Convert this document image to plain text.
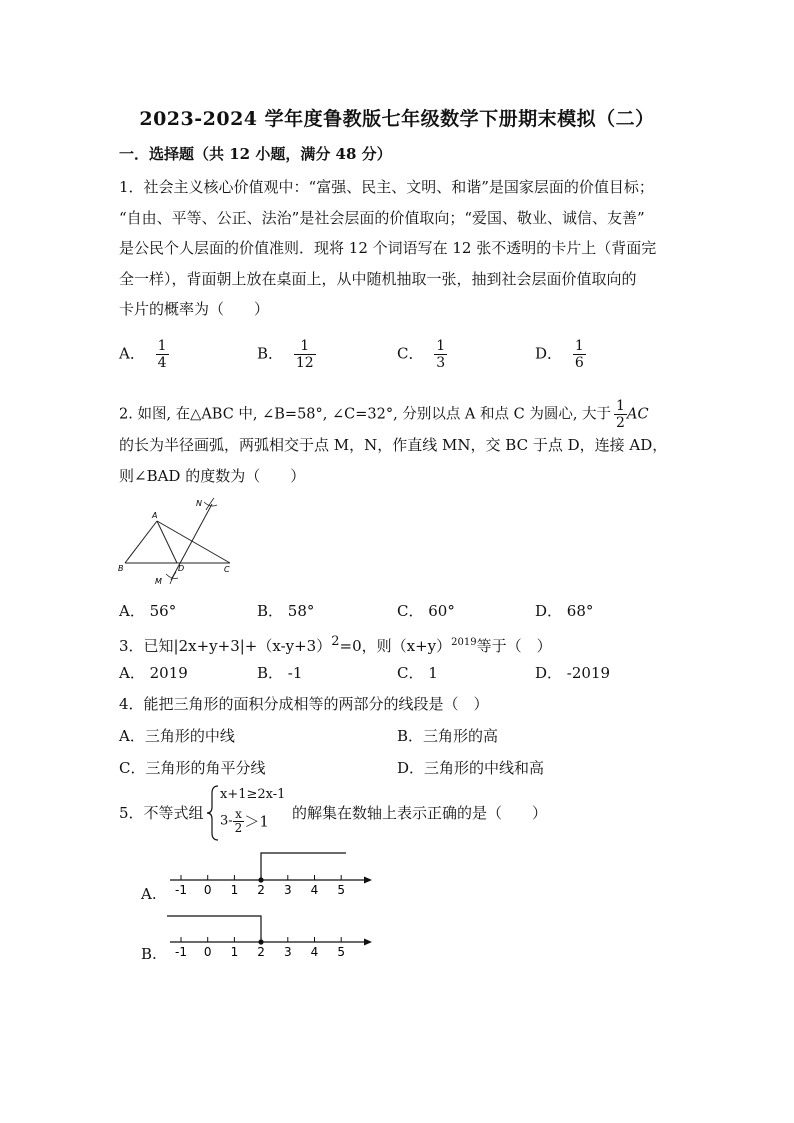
2023-2024 学年度鲁教版七年级数学下册期末模拟（二）
一．选择题（共 12 小题，满分 48 分）
1．社会主义核心价值观中：“富强、民主、文明、和谐”是国家层面的价值目标；
“自由、平等、公正、法治”是社会层面的价值取向；“爱国、敬业、诚信、友善”
是公民个人层面的价值准则．现将 12 个词语写在 12 张不透明的卡片上（背面完
全一样），背面朝上放在桌面上，从中随机抽取一张，抽到社会层面价值取向的
卡片的概率为（　　）
A． $\frac{1}{4}$	B． $\frac{1}{12}$	C． $\frac{1}{3}$	D． $\frac{1}{6}$
2. 如图, 在△ABC 中, ∠B=58°, ∠C=32°, 分别以点 A 和点 C 为圆心, 大于 $\frac{1}{2}$ AC
的长为半径画弧，两弧相交于点 M，N，作直线 MN，交 BC 于点 D，连接 AD，
则∠BAD 的度数为（　　）
A
B	C
D
M
N
A． 56°	B． 58°	C． 60°	D． 68°
3．已知$|2x+y+3|+(x-y+3)^2=0$，则$(x+y)^{2019}$等于（　）
A． 2019	B． -1	C． 1	D． -2019
4．能把三角形的面积分成相等的两部分的线段是（　）
A．三角形的中线	B．三角形的高
C．三角形的角平分线	D．三角形的中线和高
5．不等式组
x+1≥2x-1
$3- \frac{x}{2} >1$ 的解集在数轴上表示正确的是（　　）
A. -1 0 1 2 3 4 5
B. -1 0 1 2 3 4 5
